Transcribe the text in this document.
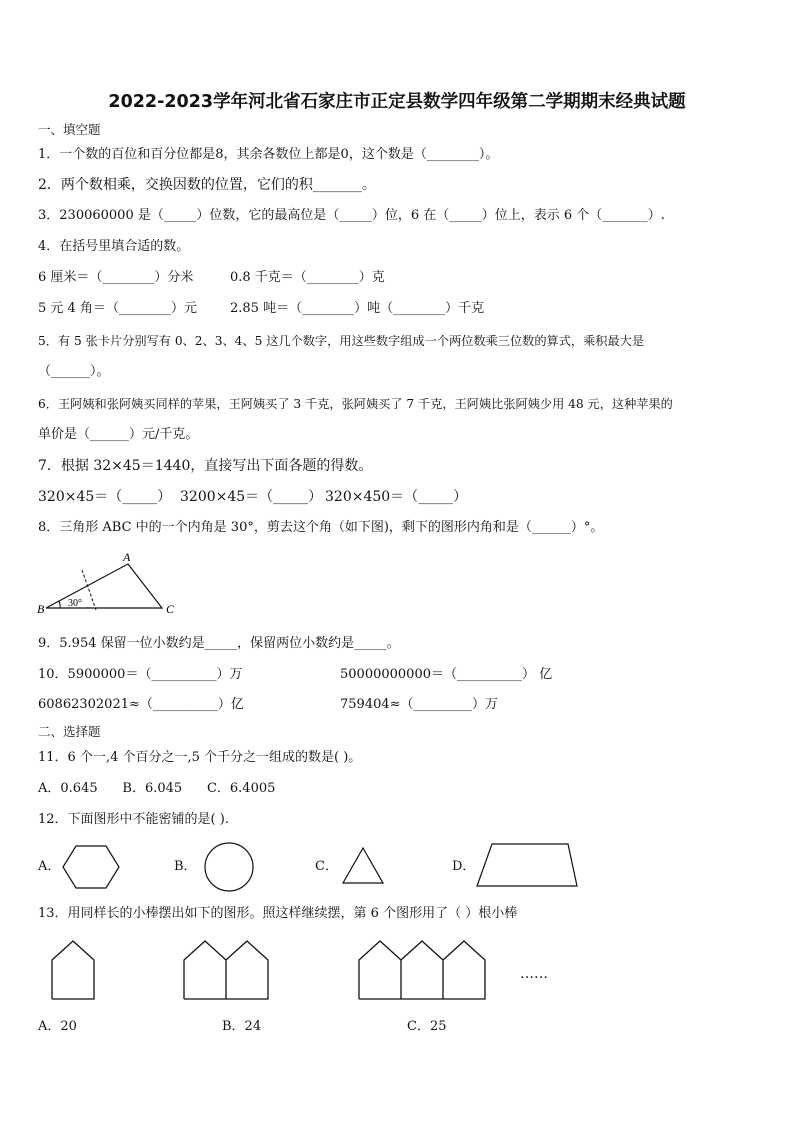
2022-2023学年河北省石家庄市正定县数学四年级第二学期期末经典试题
一、填空题
1．一个数的百位和百分位都是8，其余各数位上都是0，这个数是（________）。
2．两个数相乘，交换因数的位置，它们的积_______。
3．230060000 是（_____）位数，它的最高位是（_____）位，6 在（_____）位上，表示 6 个（_______）.
4．在括号里填合适的数。
6 厘米＝（________）分米	0.8 千克＝（________）克
5 元 4 角＝（________）元	2.85 吨＝（________）吨（________）千克
5．有 5 张卡片分别写有 0、2、3、4、5 这几个数字，用这些数字组成一个两位数乘三位数的算式，乘积最大是
（______）。
6．王阿姨和张阿姨买同样的苹果，王阿姨买了 3 千克，张阿姨买了 7 千克，王阿姨比张阿姨少用 48 元，这种苹果的
单价是（______）元/千克。
7．根据 32×45＝1440，直接写出下面各题的得数。
320×45＝（_____） 3200×45＝（_____） 320×450＝（_____）
8．三角形 ABC 中的一个内角是 30°，剪去这个角（如下图)，剩下的图形内角和是（______）°。
A
B	C
30°
9．5.954 保留一位小数约是_____，保留两位小数约是_____。
10．5900000＝（__________）万	50000000000＝（__________） 亿
60862302021≈（__________）亿	759404≈（_________）万
二、选择题
11．6 个一,4 个百分之一,5 个千分之一组成的数是( )。
A．0.645      B．6.045      C．6.4005
12．下面图形中不能密铺的是( ).
A．	B．	C．	D．
13．用同样长的小棒摆出如下的图形。照这样继续摆，第 6 个图形用了（ ）根小棒
……
A．20	B．24	C．25
